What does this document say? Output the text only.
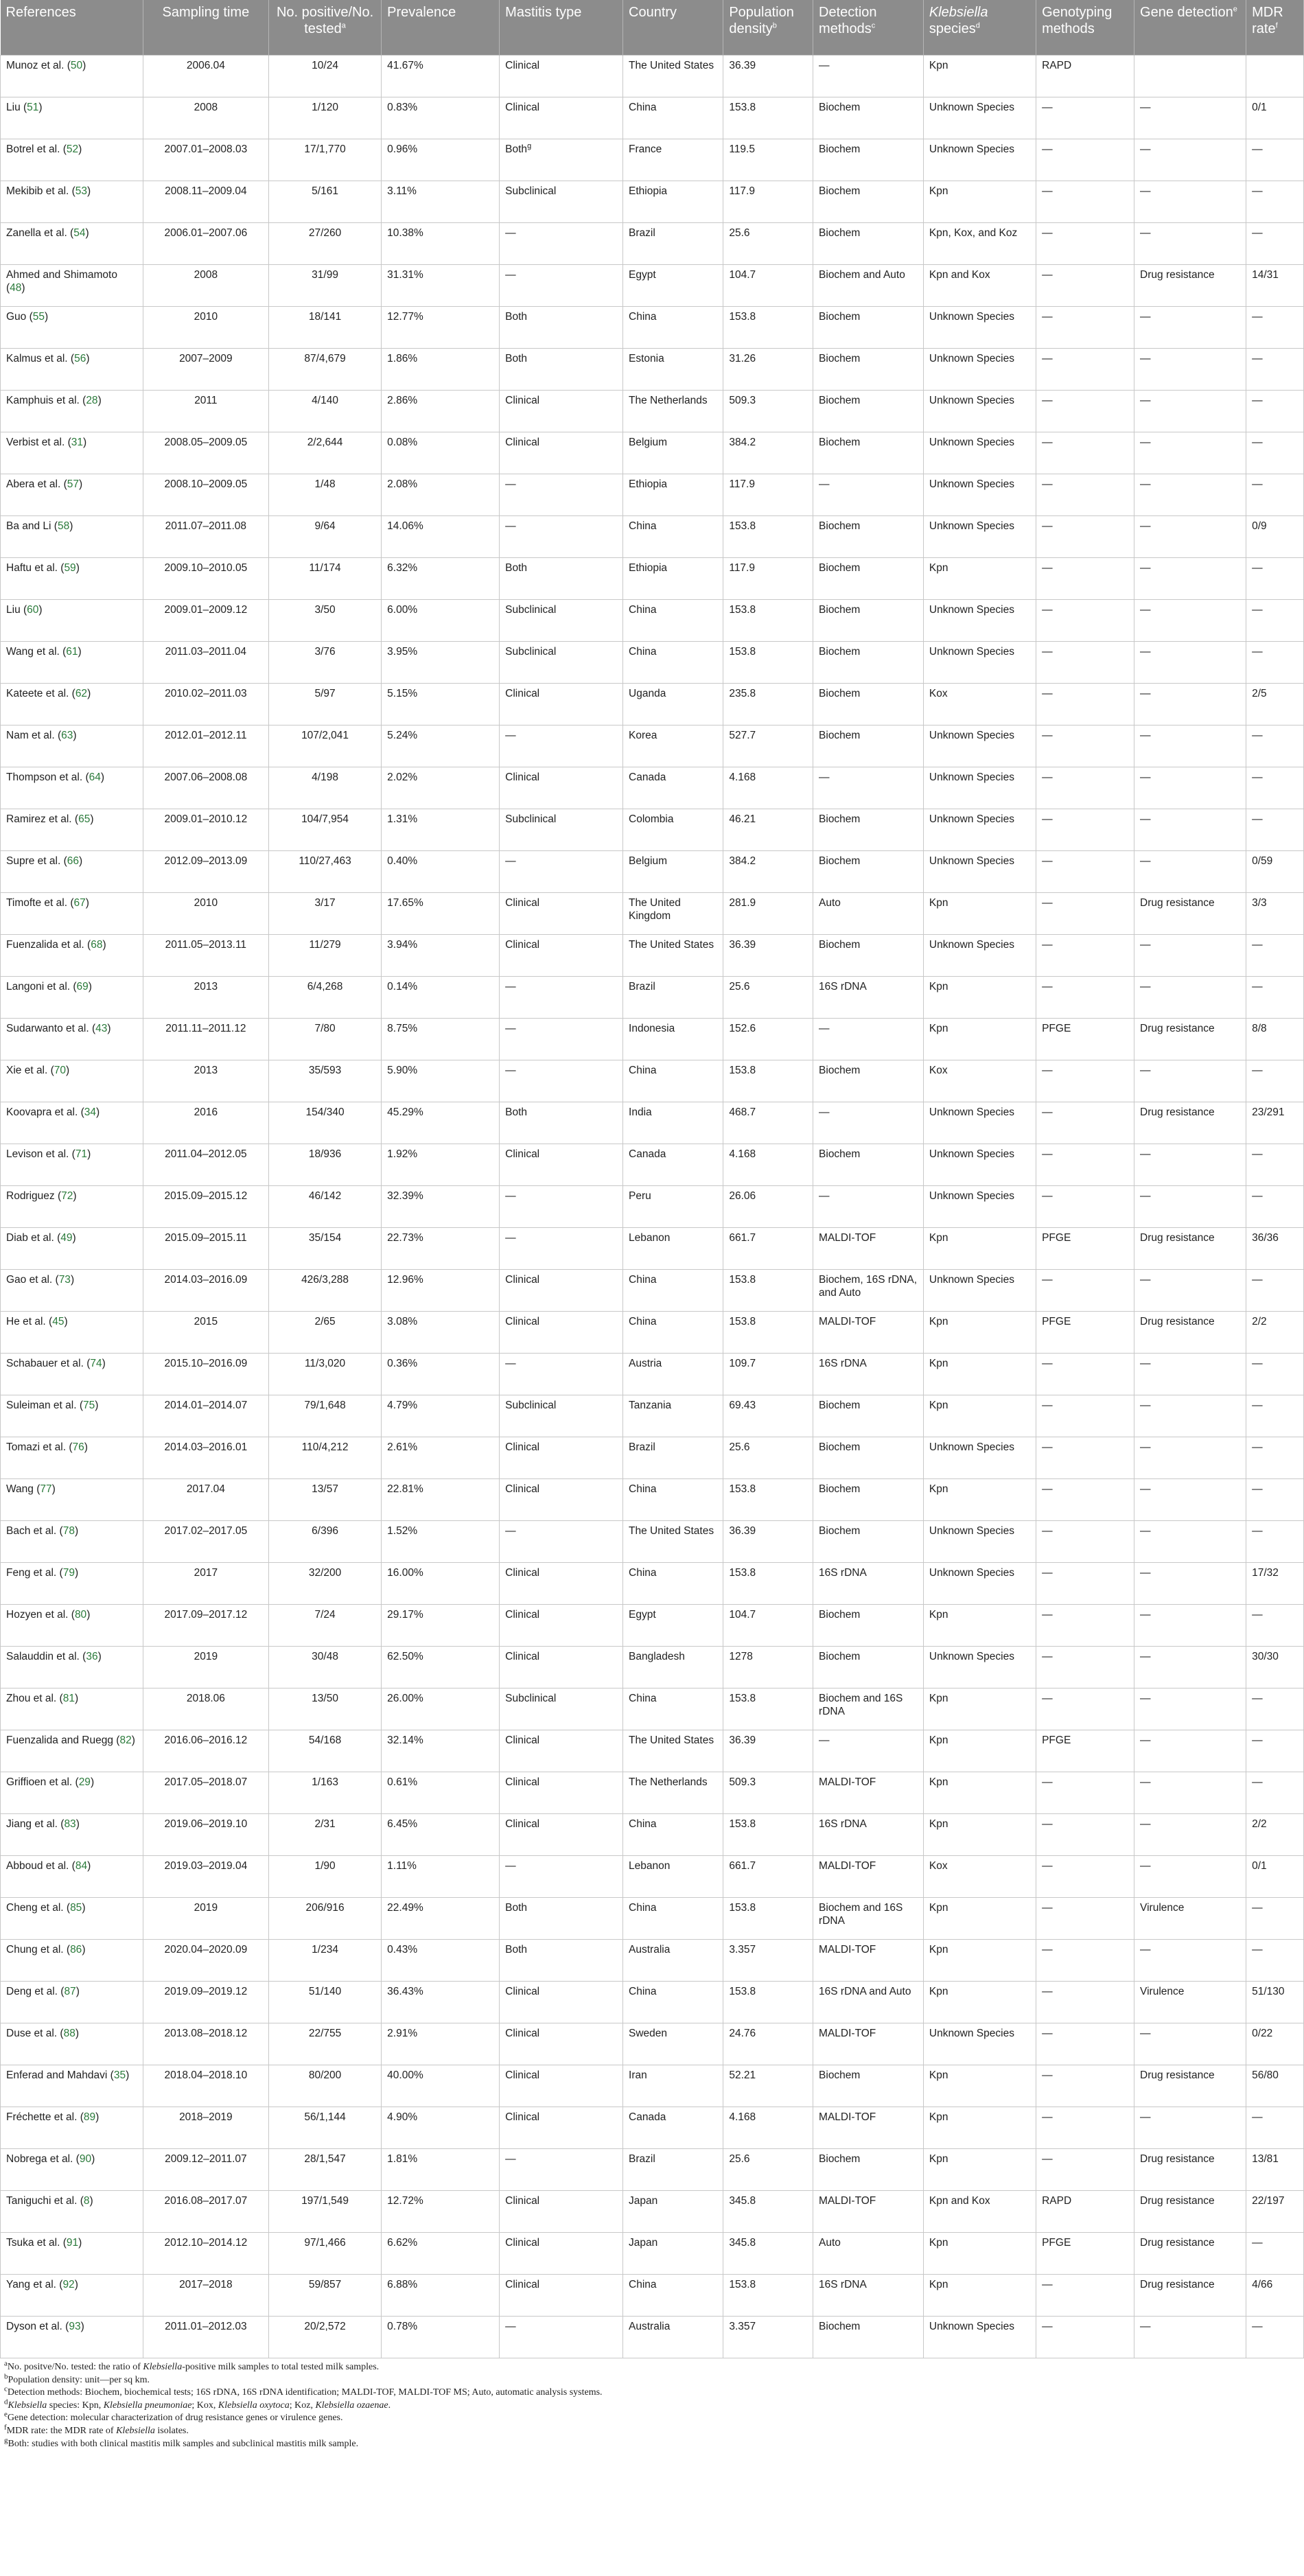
References	Sampling time	No. positive/No. tested$^a$	Prevalence	Mastitis type	Country	Population density$^b$	Detection methods$^c$	Klebsiella species$^d$	Genotyping methods	Gene detection$^e$	MDR rate$^f$
Munoz et al. (50)	2006.04	10/24	41.67%	Clinical	The United States	36.39	—	Kpn	RAPD		
Liu (51)	2008	1/120	0.83%	Clinical	China	153.8	Biochem	Unknown Species	—	—	0/1
Botrel et al. (52)	2007.01–2008.03	17/1,770	0.96%	Both$^g$	France	119.5	Biochem	Unknown Species	—	—	—
Mekibib et al. (53)	2008.11–2009.04	5/161	3.11%	Subclinical	Ethiopia	117.9	Biochem	Kpn	—	—	—
Zanella et al. (54)	2006.01–2007.06	27/260	10.38%	—	Brazil	25.6	Biochem	Kpn, Kox, and Koz	—	—	—
Ahmed and Shimamoto (48)	2008	31/99	31.31%	—	Egypt	104.7	Biochem and Auto	Kpn and Kox	—	Drug resistance	14/31
Guo (55)	2010	18/141	12.77%	Both	China	153.8	Biochem	Unknown Species	—	—	—
Kalmus et al. (56)	2007–2009	87/4,679	1.86%	Both	Estonia	31.26	Biochem	Unknown Species	—	—	—
Kamphuis et al. (28)	2011	4/140	2.86%	Clinical	The Netherlands	509.3	Biochem	Unknown Species	—	—	—
Verbist et al. (31)	2008.05–2009.05	2/2,644	0.08%	Clinical	Belgium	384.2	Biochem	Unknown Species	—	—	—
Abera et al. (57)	2008.10–2009.05	1/48	2.08%	—	Ethiopia	117.9	—	Unknown Species	—	—	—
Ba and Li (58)	2011.07–2011.08	9/64	14.06%	—	China	153.8	Biochem	Unknown Species	—	—	0/9
Haftu et al. (59)	2009.10–2010.05	11/174	6.32%	Both	Ethiopia	117.9	Biochem	Kpn	—	—	—
Liu (60)	2009.01–2009.12	3/50	6.00%	Subclinical	China	153.8	Biochem	Unknown Species	—	—	—
Wang et al. (61)	2011.03–2011.04	3/76	3.95%	Subclinical	China	153.8	Biochem	Unknown Species	—	—	—
Kateete et al. (62)	2010.02–2011.03	5/97	5.15%	Clinical	Uganda	235.8	Biochem	Kox	—	—	2/5
Nam et al. (63)	2012.01–2012.11	107/2,041	5.24%	—	Korea	527.7	Biochem	Unknown Species	—	—	—
Thompson et al. (64)	2007.06–2008.08	4/198	2.02%	Clinical	Canada	4.168	—	Unknown Species	—	—	—
Ramirez et al. (65)	2009.01–2010.12	104/7,954	1.31%	Subclinical	Colombia	46.21	Biochem	Unknown Species	—	—	—
Supre et al. (66)	2012.09–2013.09	110/27,463	0.40%	—	Belgium	384.2	Biochem	Unknown Species	—	—	0/59
Timofte et al. (67)	2010	3/17	17.65%	Clinical	The United Kingdom	281.9	Auto	Kpn	—	Drug resistance	3/3
Fuenzalida et al. (68)	2011.05–2013.11	11/279	3.94%	Clinical	The United States	36.39	Biochem	Unknown Species	—	—	—
Langoni et al. (69)	2013	6/4,268	0.14%	—	Brazil	25.6	16S rDNA	Kpn	—	—	—
Sudarwanto et al. (43)	2011.11–2011.12	7/80	8.75%	—	Indonesia	152.6	—	Kpn	PFGE	Drug resistance	8/8
Xie et al. (70)	2013	35/593	5.90%	—	China	153.8	Biochem	Kox	—	—	—
Koovapra et al. (34)	2016	154/340	45.29%	Both	India	468.7	—	Unknown Species	—	Drug resistance	23/291
Levison et al. (71)	2011.04–2012.05	18/936	1.92%	Clinical	Canada	4.168	Biochem	Unknown Species	—	—	—
Rodriguez (72)	2015.09–2015.12	46/142	32.39%	—	Peru	26.06	—	Unknown Species	—	—	—
Diab et al. (49)	2015.09–2015.11	35/154	22.73%	—	Lebanon	661.7	MALDI-TOF	Kpn	PFGE	Drug resistance	36/36
Gao et al. (73)	2014.03–2016.09	426/3,288	12.96%	Clinical	China	153.8	Biochem, 16S rDNA, and Auto	Unknown Species	—	—	—
He et al. (45)	2015	2/65	3.08%	Clinical	China	153.8	MALDI-TOF	Kpn	PFGE	Drug resistance	2/2
Schabauer et al. (74)	2015.10–2016.09	11/3,020	0.36%	—	Austria	109.7	16S rDNA	Kpn	—	—	—
Suleiman et al. (75)	2014.01–2014.07	79/1,648	4.79%	Subclinical	Tanzania	69.43	Biochem	Kpn	—	—	—
Tomazi et al. (76)	2014.03–2016.01	110/4,212	2.61%	Clinical	Brazil	25.6	Biochem	Unknown Species	—	—	—
Wang (77)	2017.04	13/57	22.81%	Clinical	China	153.8	Biochem	Kpn	—	—	—
Bach et al. (78)	2017.02–2017.05	6/396	1.52%	—	The United States	36.39	Biochem	Unknown Species	—	—	—
Feng et al. (79)	2017	32/200	16.00%	Clinical	China	153.8	16S rDNA	Unknown Species	—	—	17/32
Hozyen et al. (80)	2017.09–2017.12	7/24	29.17%	Clinical	Egypt	104.7	Biochem	Kpn	—	—	—
Salauddin et al. (36)	2019	30/48	62.50%	Clinical	Bangladesh	1278	Biochem	Unknown Species	—	—	30/30
Zhou et al. (81)	2018.06	13/50	26.00%	Subclinical	China	153.8	Biochem and 16S rDNA	Kpn	—	—	—
Fuenzalida and Ruegg (82)	2016.06–2016.12	54/168	32.14%	Clinical	The United States	36.39	—	Kpn	PFGE	—	—
Griffioen et al. (29)	2017.05–2018.07	1/163	0.61%	Clinical	The Netherlands	509.3	MALDI-TOF	Kpn	—	—	—
Jiang et al. (83)	2019.06–2019.10	2/31	6.45%	Clinical	China	153.8	16S rDNA	Kpn	—	—	2/2
Abboud et al. (84)	2019.03–2019.04	1/90	1.11%	—	Lebanon	661.7	MALDI-TOF	Kox	—	—	0/1
Cheng et al. (85)	2019	206/916	22.49%	Both	China	153.8	Biochem and 16S rDNA	Kpn	—	Virulence	—
Chung et al. (86)	2020.04–2020.09	1/234	0.43%	Both	Australia	3.357	MALDI-TOF	Kpn	—	—	—
Deng et al. (87)	2019.09–2019.12	51/140	36.43%	Clinical	China	153.8	16S rDNA and Auto	Kpn	—	Virulence	51/130
Duse et al. (88)	2013.08–2018.12	22/755	2.91%	Clinical	Sweden	24.76	MALDI-TOF	Unknown Species	—	—	0/22
Enferad and Mahdavi (35)	2018.04–2018.10	80/200	40.00%	Clinical	Iran	52.21	Biochem	Kpn	—	Drug resistance	56/80
Fréchette et al. (89)	2018–2019	56/1,144	4.90%	Clinical	Canada	4.168	MALDI-TOF	Kpn	—	—	—
Nobrega et al. (90)	2009.12–2011.07	28/1,547	1.81%	—	Brazil	25.6	Biochem	Kpn	—	Drug resistance	13/81
Taniguchi et al. (8)	2016.08–2017.07	197/1,549	12.72%	Clinical	Japan	345.8	MALDI-TOF	Kpn and Kox	RAPD	Drug resistance	22/197
Tsuka et al. (91)	2012.10–2014.12	97/1,466	6.62%	Clinical	Japan	345.8	Auto	Kpn	PFGE	Drug resistance	—
Yang et al. (92)	2017–2018	59/857	6.88%	Clinical	China	153.8	16S rDNA	Kpn	—	Drug resistance	4/66
Dyson et al. (93)	2011.01–2012.03	20/2,572	0.78%	—	Australia	3.357	Biochem	Unknown Species	—	—	—
$^a$No. positve/No. tested: the ratio of Klebsiella-positive milk samples to total tested milk samples.
$^b$Population density: unit—per sq km.
$^c$Detection methods: Biochem, biochemical tests; 16S rDNA, 16S rDNA identification; MALDI-TOF, MALDI-TOF MS; Auto, automatic analysis systems.
$^d$Klebsiella species: Kpn, Klebsiella pneumoniae; Kox, Klebsiella oxytoca; Koz, Klebsiella ozaenae.
$^e$Gene detection: molecular characterization of drug resistance genes or virulence genes.
$^f$MDR rate: the MDR rate of Klebsiella isolates.
$^g$Both: studies with both clinical mastitis milk samples and subclinical mastitis milk sample.
